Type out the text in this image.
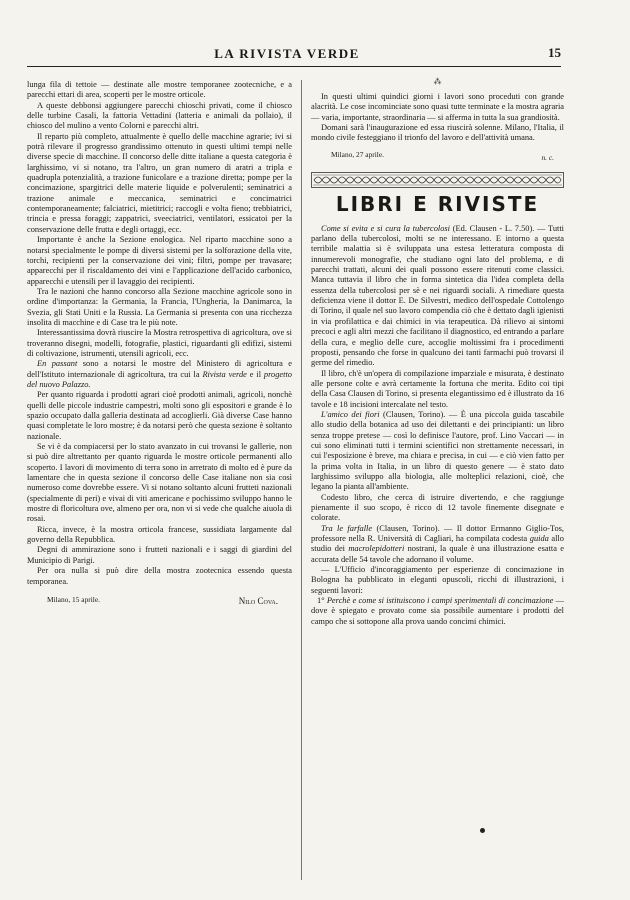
LA RIVISTA VERDE	15

lunga fila di tettoie — destinate alle mostre temporanee zootecniche, e a parecchi ettari di area, scoperti per le mostre orticole.

A queste debbonsi aggiungere parecchi chioschi privati, come il chiosco delle turbine Casali, la fattoria Vettadini (latteria e animali da pollaio), il chiosco del mulino a vento Colorni e parecchi altri.

Il reparto più completo, attualmente è quello delle macchine agrarie; ivi si potrà rilevare il progresso grandissimo ottenuto in questi ultimi tempi nelle diverse specie di macchine. Il concorso delle ditte italiane a questa categoria è larghissimo, vi si notano, tra l'altro, un gran numero di aratri a tripla e quadrupla potenzialità, a trazione funicolare e a trazione diretta; pompe per la concimazione, spargitrici delle materie liquide e polverulenti; seminatrici a trazione animale e meccanica, seminatrici e concimatrici contemporaneamente; falciatrici, mietitrici; raccogli e volta fieno; trebbiatrici, trincia e pressa foraggi; zappatrici, sveeciatrici, ventilatori, essicatoi per la conservazione delle frutta e degli ortaggi, ecc.

Importante è anche la Sezione enologica. Nel riparto macchine sono a notarsi specialmente le pompe di diversi sistemi per la solforazione della vite, torchi, recipienti per la conservazione dei vini; filtri, pompe per travasare; apparecchi per il riscaldamento dei vini e l'applicazione dell'acido carbonico, apparecchi e utensili per il lavaggio dei recipienti.

Tra le nazioni che hanno concorso alla Sezione macchine agricole sono in ordine d'importanza: la Germania, la Francia, l'Ungheria, la Danimarca, la Svezia, gli Stati Uniti e la Russia. La Germania si presenta con una ricchezza insolita di macchine e di Case tra le più note.

Interessantissima dovrà riuscire la Mostra retrospettiva di agricoltura, ove si troveranno disegni, modelli, fotografie, plastici, riguardanti gli edifizi, sistemi di coltivazione, istrumenti, utensili agricoli, ecc.

En passant sono a notarsi le mostre del Ministero di agricoltura e dell'Istituto internazionale di agricoltura, tra cui la Rivista verde e il progetto del nuovo Palazzo.

Per quanto riguarda i prodotti agrari cioè prodotti animali, agricoli, nonchè quelli delle piccole industrie campestri, molti sono gli espositori e grande è lo spazio occupato dalla galleria destinata ad accoglierli. Già diverse Case hanno quasi completate le loro mostre; è da notarsi però che questa sezione è soltanto nazionale.

Se vi è da compiacersi per lo stato avanzato in cui trovansi le gallerie, non si può dire altrettanto per quanto riguarda le mostre orticole permanenti allo scoperto. I lavori di movimento di terra sono in arretrato di molto ed è pure da lamentare che in questa sezione il concorso delle Case italiane non sia così numeroso come dovrebbe essere. Vi si notano soltanto alcuni frutteti nazionali (specialmente di peri) e vivai di viti americane e pochissimo sviluppo hanno le mostre di floricoltura ove, almeno per ora, non vi si vede che qualche aiuola di rosai.

Ricca, invece, è la mostra orticola francese, sussidiata largamente dal governo della Repubblica.

Degni di ammirazione sono i frutteti nazionali e i saggi di giardini del Municipio di Parigi.

Per ora nulla si può dire della mostra zootecnica essendo questa temporanea.

Milano, 15 aprile.	Nilo Cova.
⁂

In questi ultimi quindici giorni i lavori sono proceduti con grande alacrità. Le cose incominciate sono quasi tutte terminate e la mostra agraria — varia, importante, straordinaria — si afferma in tutta la sua grandiosità.

Domani sarà l'inaugurazione ed essa riuscirà solenne. Milano, l'Italia, il mondo civile festeggiano il trionfo del lavoro e dell'attività umana.

Milano, 27 aprile.	n. c.
LIBRI E RIVISTE

Come si evita e si cura la tubercolosi (Ed. Clausen - L. 7.50). — Tutti parlano della tubercolosi, molti se ne interessano. E intorno a questa terribile malattia si è sviluppata una estesa letteratura composta di innumerevoli monografie, che studiano ogni lato del problema, e di parecchi trattati, alcuni dei quali possono essere ritenuti come classici. Manca tuttavia il libro che in forma sintetica dia l'idea completa della essenza della tubercolosi per sè e nei riguardi sociali. A rimediare questa deficienza viene il dottor E. De Silvestri, medico dell'ospedale Cottolengo di Torino, il quale nel suo lavoro compendia ciò che è dettato dagli igienisti in via profilattica e dai chimici in via terapeutica. Dà rilievo ai sintomi precoci e agli altri mezzi che facilitano il diagnostico, ed entrando a parlare della cura, e meglio delle cure, accoglie moltissimi fra i procedimenti proposti, pensando che forse in qualcuno dei tanti farmachi può trovarsi il germe del rimedio.

Il libro, ch'è un'opera di compilazione imparziale e misurata, è destinato alle persone colte e avrà certamente la fortuna che merita. Edito coi tipi della Casa Clausen di Torino, si presenta elegantissimo ed è illustrato da 16 tavole e 18 incisioni intercalate nel testo.

L'amico dei fiori (Clausen, Torino). — È una piccola guida tascabile allo studio della botanica ad uso dei dilettanti e dei principianti: un libro senza troppe pretese — così lo definisce l'autore, prof. Lino Vaccari — in cui sono eliminati tutti i termini scientifici non strettamente necessari, in cui l'esposizione è breve, ma chiara e precisa, in cui — e ciò vien fatto per la prima volta in Italia, in un libro di questo genere — è stato dato larghissimo sviluppo alla biologia, alle molteplici relazioni, cioè, che legano la pianta all'ambiente.

Codesto libro, che cerca di istruire divertendo, e che raggiunge pienamente il suo scopo, è ricco di 12 tavole finemente disegnate e colorate.

Tra le farfalle (Clausen, Torino). — Il dottor Ermanno Giglio-Tos, professore nella R. Università di Cagliari, ha compilata codesta guida allo studio dei macrolepidotteri nostrani, la quale è una illustrazione esatta e accurata delle 54 tavole che adornano il volume.

— L'Ufficio d'incoraggiamento per esperienze di concimazione in Bologna ha pubblicato in eleganti opuscoli, ricchi di illustrazioni, i seguenti lavori:

1° Perchè e come si istituiscono i campi sperimentali di concimazione — dove è spiegato e provato come sia possibile aumentare i prodotti del campo che si sottopone alla prova uando concimi chimici.
